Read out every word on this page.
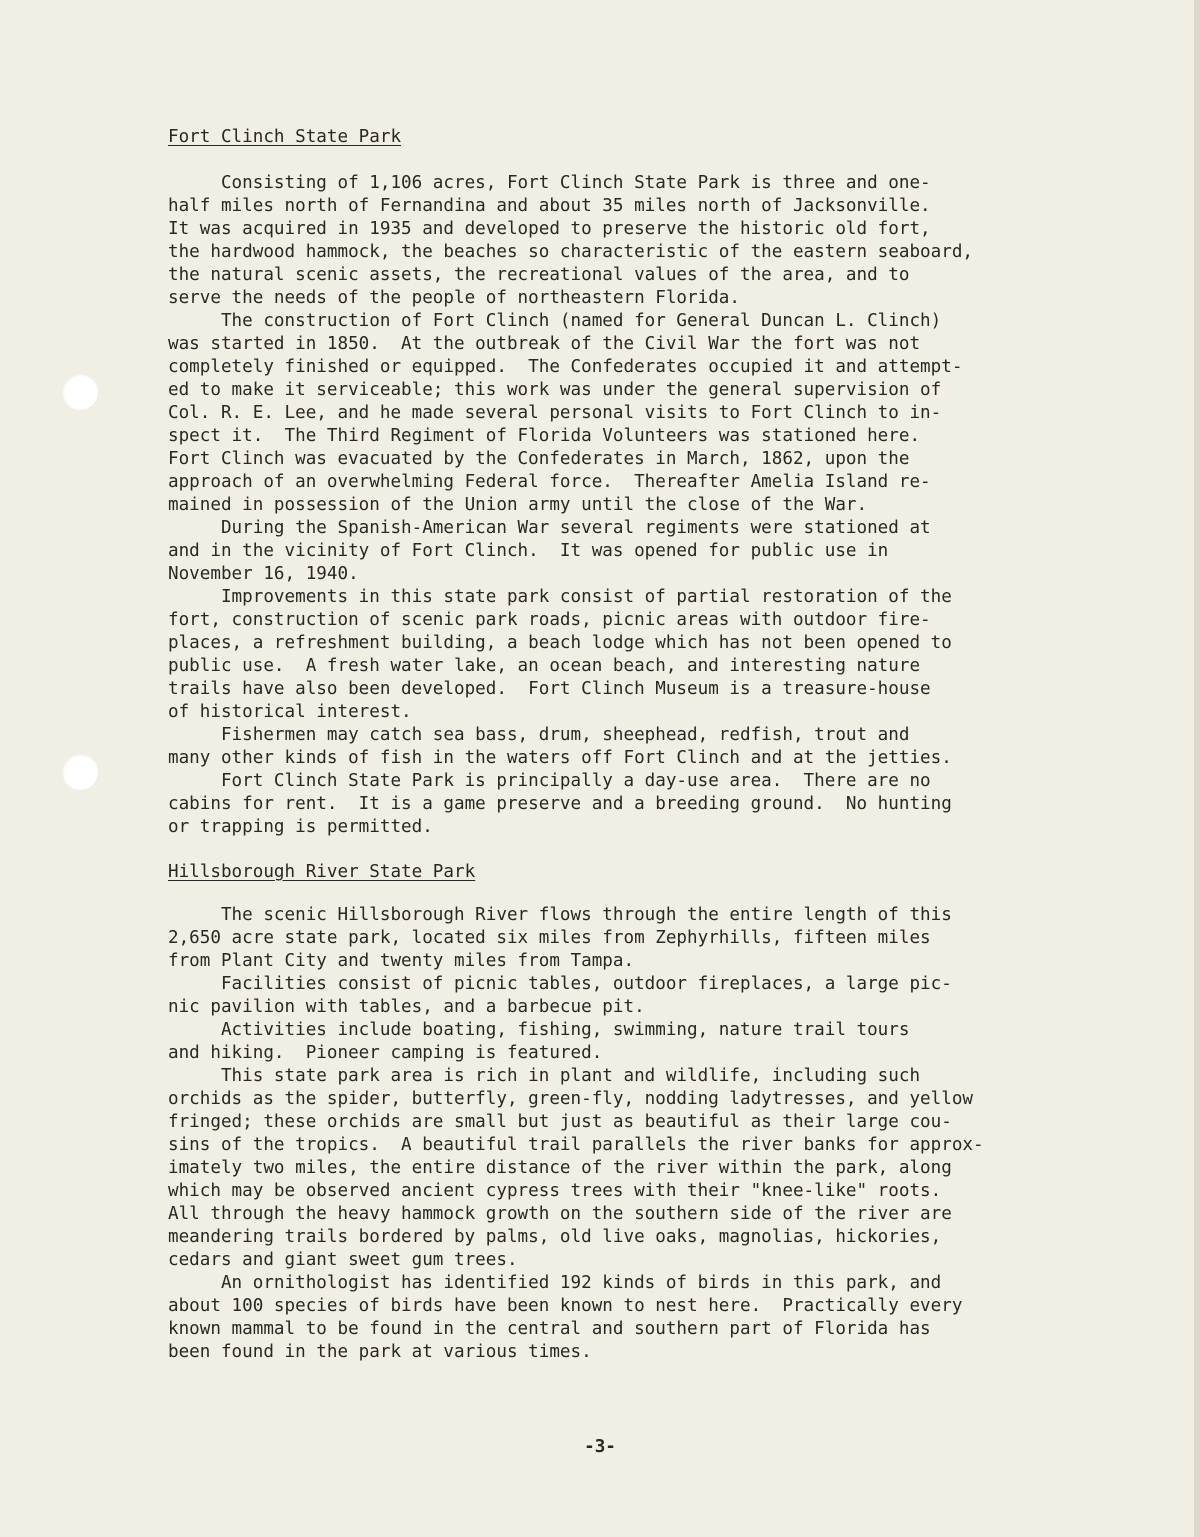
Fort Clinch State Park
Consisting of 1,106 acres, Fort Clinch State Park is three and one-
half miles north of Fernandina and about 35 miles north of Jacksonville.
It was acquired in 1935 and developed to preserve the historic old fort,
the hardwood hammock, the beaches so characteristic of the eastern seaboard,
the natural scenic assets, the recreational values of the area, and to
serve the needs of the people of northeastern Florida.
The construction of Fort Clinch (named for General Duncan L. Clinch)
was started in 1850.  At the outbreak of the Civil War the fort was not
completely finished or equipped.  The Confederates occupied it and attempt-
ed to make it serviceable; this work was under the general supervision of
Col. R. E. Lee, and he made several personal visits to Fort Clinch to in-
spect it.  The Third Regiment of Florida Volunteers was stationed here.
Fort Clinch was evacuated by the Confederates in March, 1862, upon the
approach of an overwhelming Federal force.  Thereafter Amelia Island re-
mained in possession of the Union army until the close of the War.
During the Spanish-American War several regiments were stationed at
and in the vicinity of Fort Clinch.  It was opened for public use in
November 16, 1940.
Improvements in this state park consist of partial restoration of the
fort, construction of scenic park roads, picnic areas with outdoor fire-
places, a refreshment building, a beach lodge which has not been opened to
public use.  A fresh water lake, an ocean beach, and interesting nature
trails have also been developed.  Fort Clinch Museum is a treasure-house
of historical interest.
Fishermen may catch sea bass, drum, sheephead, redfish, trout and
many other kinds of fish in the waters off Fort Clinch and at the jetties.
Fort Clinch State Park is principally a day-use area.  There are no
cabins for rent.  It is a game preserve and a breeding ground.  No hunting
or trapping is permitted.
Hillsborough River State Park
The scenic Hillsborough River flows through the entire length of this
2,650 acre state park, located six miles from Zephyrhills, fifteen miles
from Plant City and twenty miles from Tampa.
Facilities consist of picnic tables, outdoor fireplaces, a large pic-
nic pavilion with tables, and a barbecue pit.
Activities include boating, fishing, swimming, nature trail tours
and hiking.  Pioneer camping is featured.
This state park area is rich in plant and wildlife, including such
orchids as the spider, butterfly, green-fly, nodding ladytresses, and yellow
fringed; these orchids are small but just as beautiful as their large cou-
sins of the tropics.  A beautiful trail parallels the river banks for approx-
imately two miles, the entire distance of the river within the park, along
which may be observed ancient cypress trees with their "knee-like" roots.
All through the heavy hammock growth on the southern side of the river are
meandering trails bordered by palms, old live oaks, magnolias, hickories,
cedars and giant sweet gum trees.
An ornithologist has identified 192 kinds of birds in this park, and
about 100 species of birds have been known to nest here.  Practically every
known mammal to be found in the central and southern part of Florida has
been found in the park at various times.
-3-
